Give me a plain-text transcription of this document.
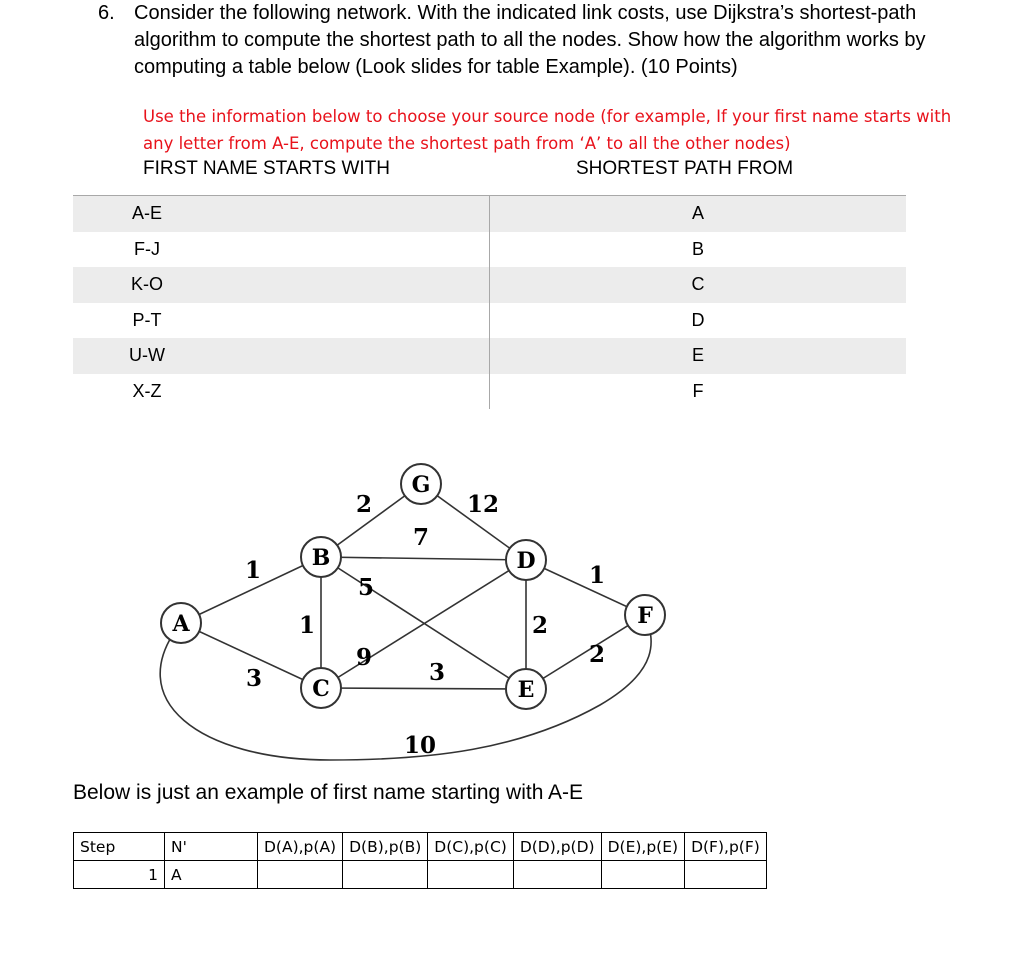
6. Consider the following network. With the indicated link costs, use Dijkstra’s shortest-path algorithm to compute the shortest path to all the nodes. Show how the algorithm works by computing a table below (Look slides for table Example). (10 Points)
Use the information below to choose your source node (for example, If your first name starts with any letter from A-E, compute the shortest path from ‘A’ to all the other nodes)
FIRST NAME STARTS WITH	SHORTEST PATH FROM
A-E	A
F-J	B
K-O	C
P-T	D
U-W	E
X-Z	F
1
3
10
1
2
7
5
9
3
12
2
1
2
A
B
C
D
E
F
G
Below is just an example of first name starting with A-E
Step	N'	D(A),p(A)	D(B),p(B)	D(C),p(C)	D(D),p(D)	D(E),p(E)	D(F),p(F)
1	A						
